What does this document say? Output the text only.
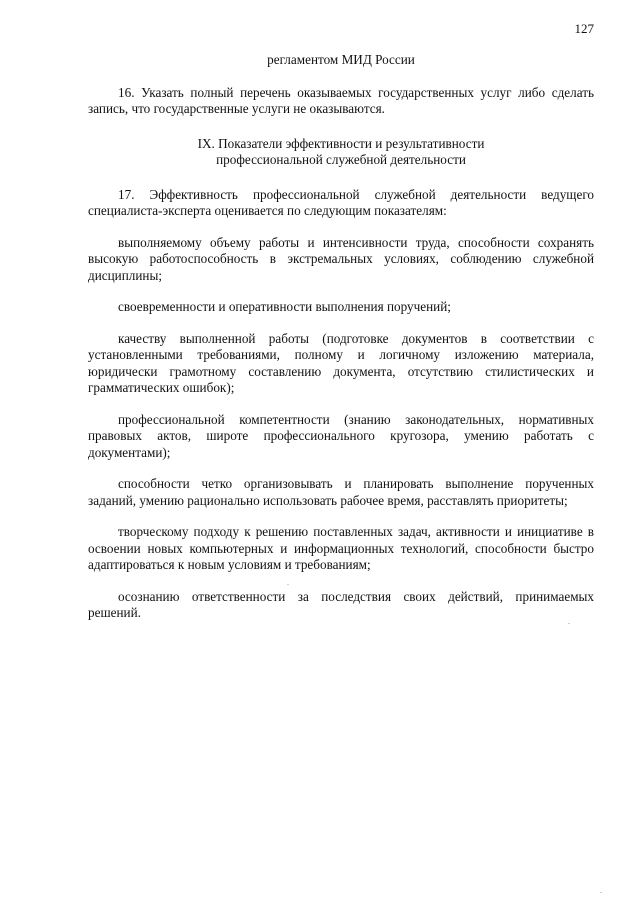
127

регламентом МИД России

16. Указать полный перечень оказываемых государственных услуг либо сделать запись, что государственные услуги не оказываются.

IX. Показатели эффективности и результативности

профессиональной служебной деятельности

17. Эффективность профессиональной служебной деятельности ведущего специалиста-эксперта оценивается по следующим показателям:

выполняемому объему работы и интенсивности труда, способности сохранять высокую работоспособность в экстремальных условиях, соблюдению служебной дисциплины;

своевременности и оперативности выполнения поручений;

качеству выполненной работы (подготовке документов в соответствии с установленными требованиями, полному и логичному изложению материала, юридически грамотному составлению документа, отсутствию стилистических и грамматических ошибок);

профессиональной компетентности (знанию законодательных, нормативных правовых актов, широте профессионального кругозора, умению работать с документами);

способности четко организовывать и планировать выполнение порученных заданий, умению рационально использовать рабочее время, расставлять приоритеты;

творческому подходу к решению поставленных задач, активности и инициативе в освоении новых компьютерных и информационных технологий, способности быстро адаптироваться к новым условиям и требованиям;

осознанию ответственности за последствия своих действий, принимаемых решений.
